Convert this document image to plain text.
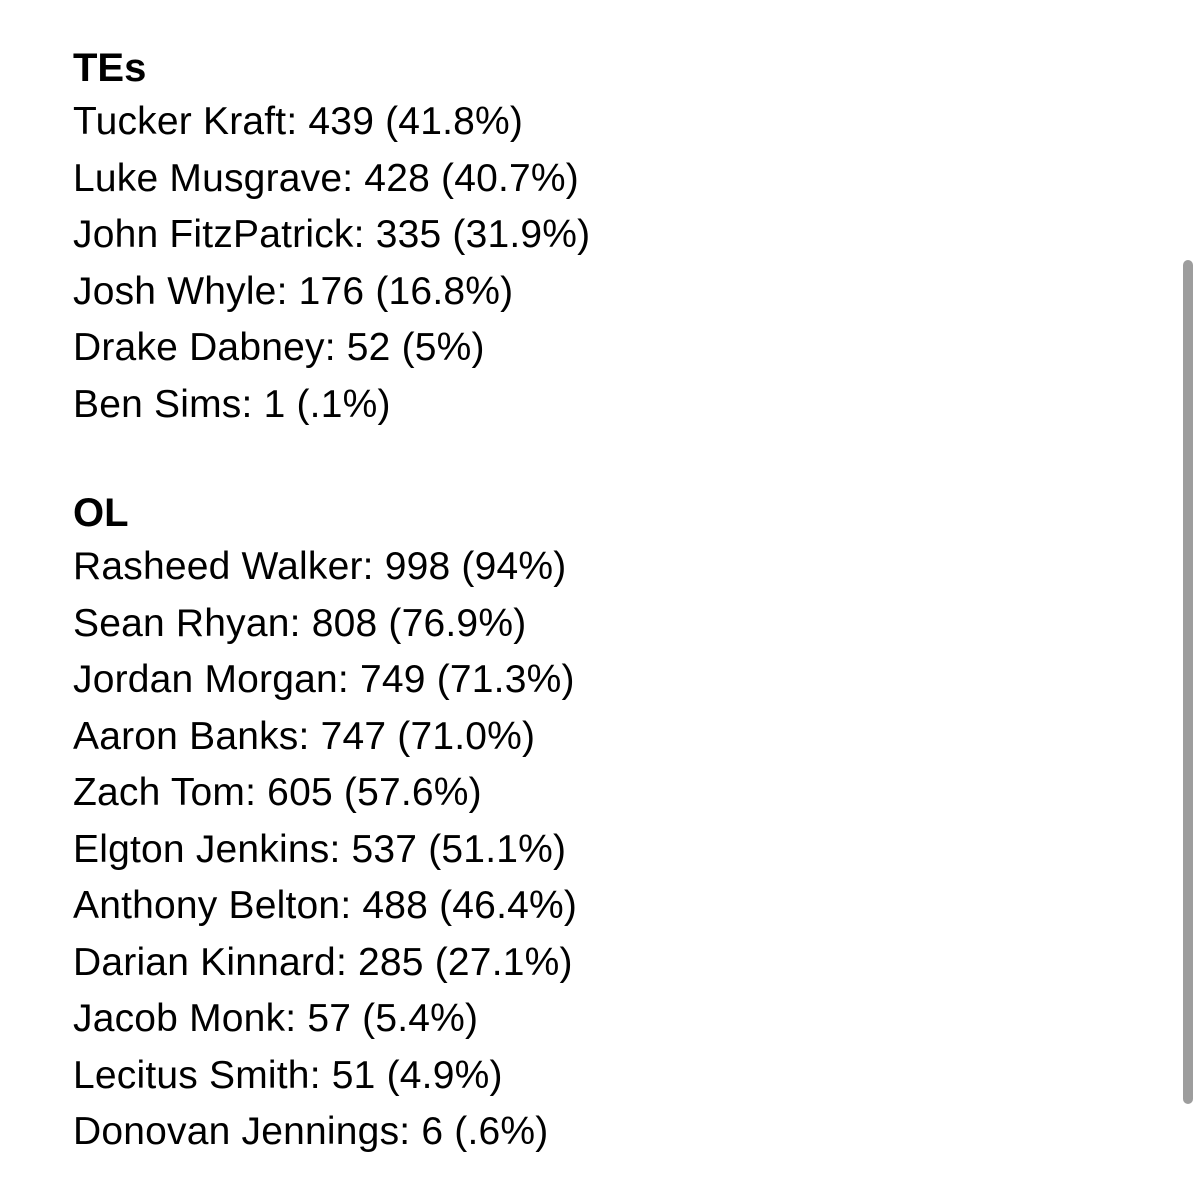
TEs
Tucker Kraft: 439 (41.8%)
Luke Musgrave: 428 (40.7%)
John FitzPatrick: 335 (31.9%)
Josh Whyle: 176 (16.8%)
Drake Dabney: 52 (5%)
Ben Sims: 1 (.1%)
OL
Rasheed Walker: 998 (94%)
Sean Rhyan: 808 (76.9%)
Jordan Morgan: 749 (71.3%)
Aaron Banks: 747 (71.0%)
Zach Tom: 605 (57.6%)
Elgton Jenkins: 537 (51.1%)
Anthony Belton: 488 (46.4%)
Darian Kinnard: 285 (27.1%)
Jacob Monk: 57 (5.4%)
Lecitus Smith: 51 (4.9%)
Donovan Jennings: 6 (.6%)
